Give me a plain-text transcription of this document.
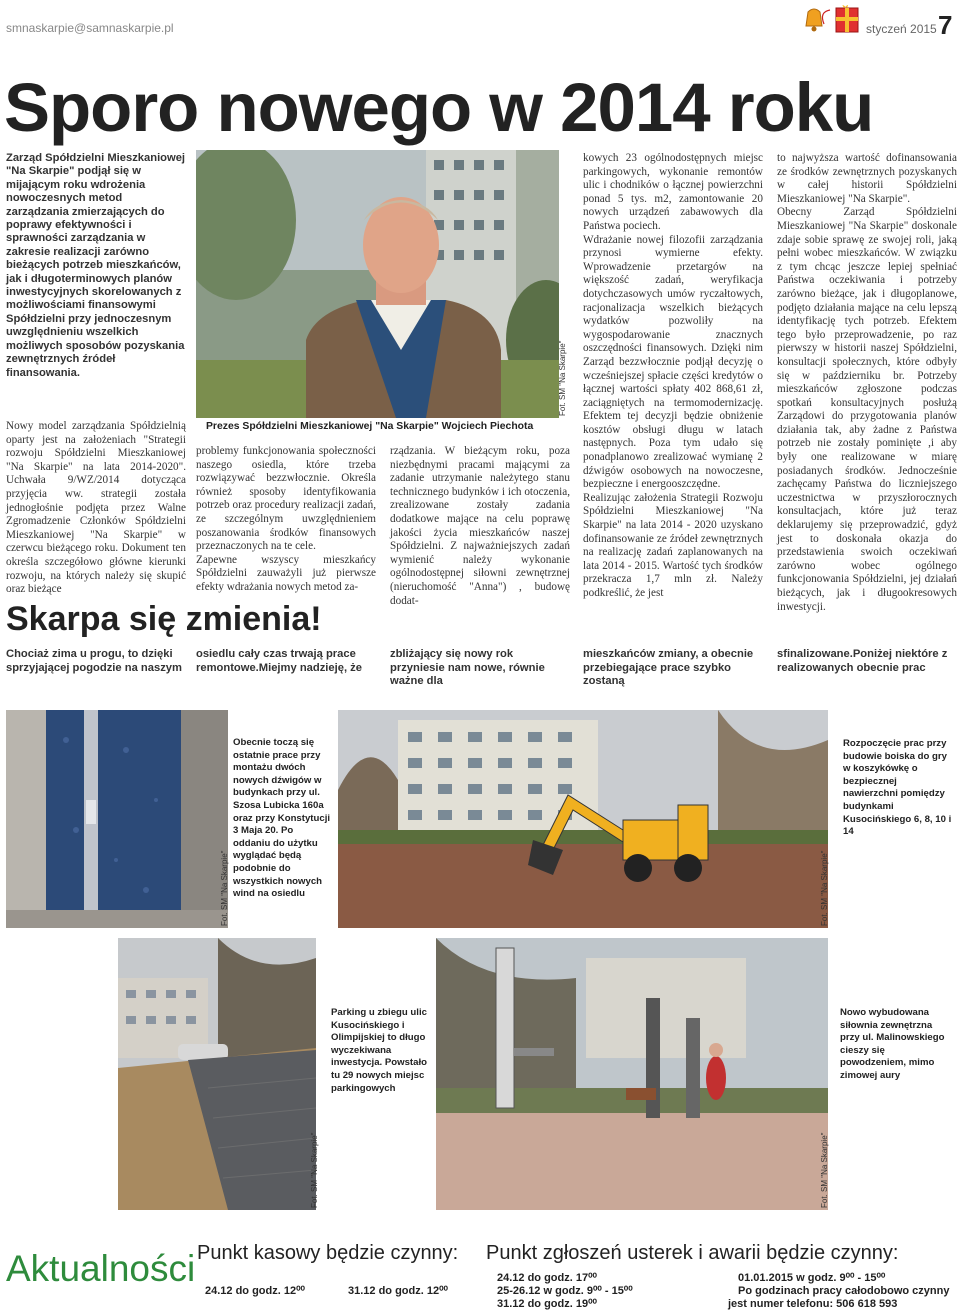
smnaskarpie@samnaskarpie.pl	styczeń 2015 7
Sporo nowego w 2014 roku
Zarząd Spółdzielni Mieszkaniowej "Na Skarpie" podjął się w mijającym roku wdrożenia nowoczesnych metod zarządzania zmierzających do poprawy efektywności i sprawności zarządzania w zakresie realizacji zarówno bieżących potrzeb mieszkańców, jak i długoterminowych planów inwestycyjnych skorelowanych z możliwościami finansowymi Spółdzielni przy jednoczesnym uwzględnieniu wszelkich możliwych sposobów pozyskania zewnętrznych źródeł finansowania.
Nowy model zarządzania Spółdzielnią oparty jest na założeniach "Strategii rozwoju Spółdzielni Mieszkaniowej "Na Skarpie" na lata 2014-2020". Uchwała 9/WZ/2014 dotycząca przyjęcia ww. strategii została jednogłośnie podjęta przez Walne Zgromadzenie Członków Spółdzielni Mieszkaniowej "Na Skarpie" w czerwcu bieżącego roku. Dokument ten określa szczegółowo główne kierunki rozwoju, na których należy się skupić oraz bieżące
Fot. SM "Na Skarpie"
Prezes Spółdzielni Mieszkaniowej "Na Skarpie" Wojciech Piechota
problemy funkcjonowania społeczności naszego osiedla, które trzeba rozwiązywać bezzwłocznie. Określa również sposoby identyfikowania potrzeb oraz procedury realizacji zadań, ze szczególnym uwzględnieniem poszanowania środków finansowych przeznaczonych na te cele.
Zapewne wszyscy mieszkańcy Spółdzielni zauważyli już pierwsze efekty wdrażania nowych metod za-
rządzania. W bieżącym roku, poza niezbędnymi pracami mającymi za zadanie utrzymanie należytego stanu technicznego budynków i ich otoczenia, zrealizowane zostały zadania dodatkowe mające na celu poprawę jakości życia mieszkańców naszej Spółdzielni. Z najważniejszych zadań wymienić należy wykonanie ogólnodostępnej siłowni zewnętrznej (nieruchomość "Anna") , budowę dodat-
kowych 23 ogólnodostępnych miejsc parkingowych, wykonanie remontów ulic i chodników o łącznej powierzchni ponad 5 tys. m2, zamontowanie 20 nowych urządzeń zabawowych dla Państwa pociech.
Wdrażanie nowej filozofii zarządzania przynosi wymierne efekty. Wprowadzenie przetargów na większość zadań, weryfikacja dotychczasowych umów ryczałtowych, racjonalizacja wszelkich bieżących wydatków pozwoliły na wygospodarowanie znacznych oszczędności finansowych. Dzięki nim Zarząd bezzwłocznie podjął decyzję o wcześniejszej spłacie części kredytów o łącznej wartości spłaty 402 868,61 zł, zaciągniętych na termomodernizację. Efektem tej decyzji będzie obniżenie kosztów obsługi długu w latach następnych. Poza tym udało się ponadplanowo zrealizować wymianę 2 dźwigów osobowych na nowoczesne, bezpieczne i energooszczędne.
Realizując założenia Strategii Rozwoju Spółdzielni Mieszkaniowej "Na Skarpie" na lata 2014 - 2020 uzyskano dofinansowanie ze źródeł zewnętrznych na realizację zadań zaplanowanych na lata 2014 - 2015. Wartość tych środków przekracza 1,7 mln zł. Należy podkreślić, że jest
to najwyższa wartość dofinansowania ze środków zewnętrznych pozyskanych w całej historii Spółdzielni Mieszkaniowej "Na Skarpie".
Obecny Zarząd Spółdzielni Mieszkaniowej "Na Skarpie" doskonale zdaje sobie sprawę ze swojej roli, jaką pełni wobec mieszkańców. W związku z tym chcąc jeszcze lepiej spełniać Państwa oczekiwania i potrzeby zarówno bieżące, jak i długoplanowe, podjęto działania mające na celu lepszą identyfikację tych potrzeb. Efektem tego było przeprowadzenie, po raz pierwszy w historii naszej Spółdzielni, konsultacji społecznych, które odbyły się w październiku br. Potrzeby mieszkańców zgłoszone podczas spotkań konsultacyjnych posłużą Zarządowi do przygotowania planów działania tak, aby żadne z Państwa potrzeb nie zostały pominięte ,i aby były one realizowane w miarę posiadanych środków. Jednocześnie zachęcamy Państwa do liczniejszego uczestnictwa w przyszłorocznych konsultacjach, które już teraz deklarujemy się przeprowadzić, gdyż jest to doskonała okazja do przedstawienia swoich oczekiwań zarówno wobec ogólnego funkcjonowania Spółdzielni, jej działań bieżących, jak i długookresowych inwestycji.
Skarpa się zmienia!
Chociaż zima u progu, to dzięki sprzyjającej pogodzie na naszym
osiedlu cały czas trwają prace remontowe.Miejmy nadzieję, że
zbliżający się nowy rok przyniesie nam nowe, równie ważne dla
mieszkańców zmiany, a obecnie przebiegające prace szybko zostaną
sfinalizowane.Poniżej niektóre z realizowanych obecnie prac
Fot. SM "Na Skarpie"
Obecnie toczą się ostatnie prace przy montażu dwóch nowych dźwigów w budynkach przy ul. Szosa Lubicka 160a oraz przy Konstytucji 3 Maja 20. Po oddaniu do użytku wyglądać będą podobnie do wszystkich nowych wind na osiedlu	Fot. SM "Na Skarpie"
Rozpoczęcie prac przy budowie boiska do gry w koszykówkę o bezpiecznej nawierzchni pomiędzy budynkami Kusocińskiego 6, 8, 10 i 14
Fot. SM "Na Skarpie"
Parking u zbiegu ulic Kusocińskiego i Olimpijskiej to długo wyczekiwana inwestycja. Powstało tu 29 nowych miejsc parkingowych
Fot. SM "Na Skarpie"
Nowo wybudowana siłownia zewnętrzna przy ul. Malinowskiego cieszy się powodzeniem, mimo zimowej aury
Aktualności Punkt kasowy będzie czynny:
24.12 do godz. 12⁰⁰	31.12 do godz. 12⁰⁰
Punkt zgłoszeń usterek i awarii będzie czynny:
24.12 do godz. 17⁰⁰
25-26.12 w godz. 9⁰⁰ - 15⁰⁰
31.12 do godz. 19⁰⁰
01.01.2015 w godz. 9⁰⁰ - 15⁰⁰
Po godzinach pracy całodobowo czynny
jest numer telefonu: 506 618 593
